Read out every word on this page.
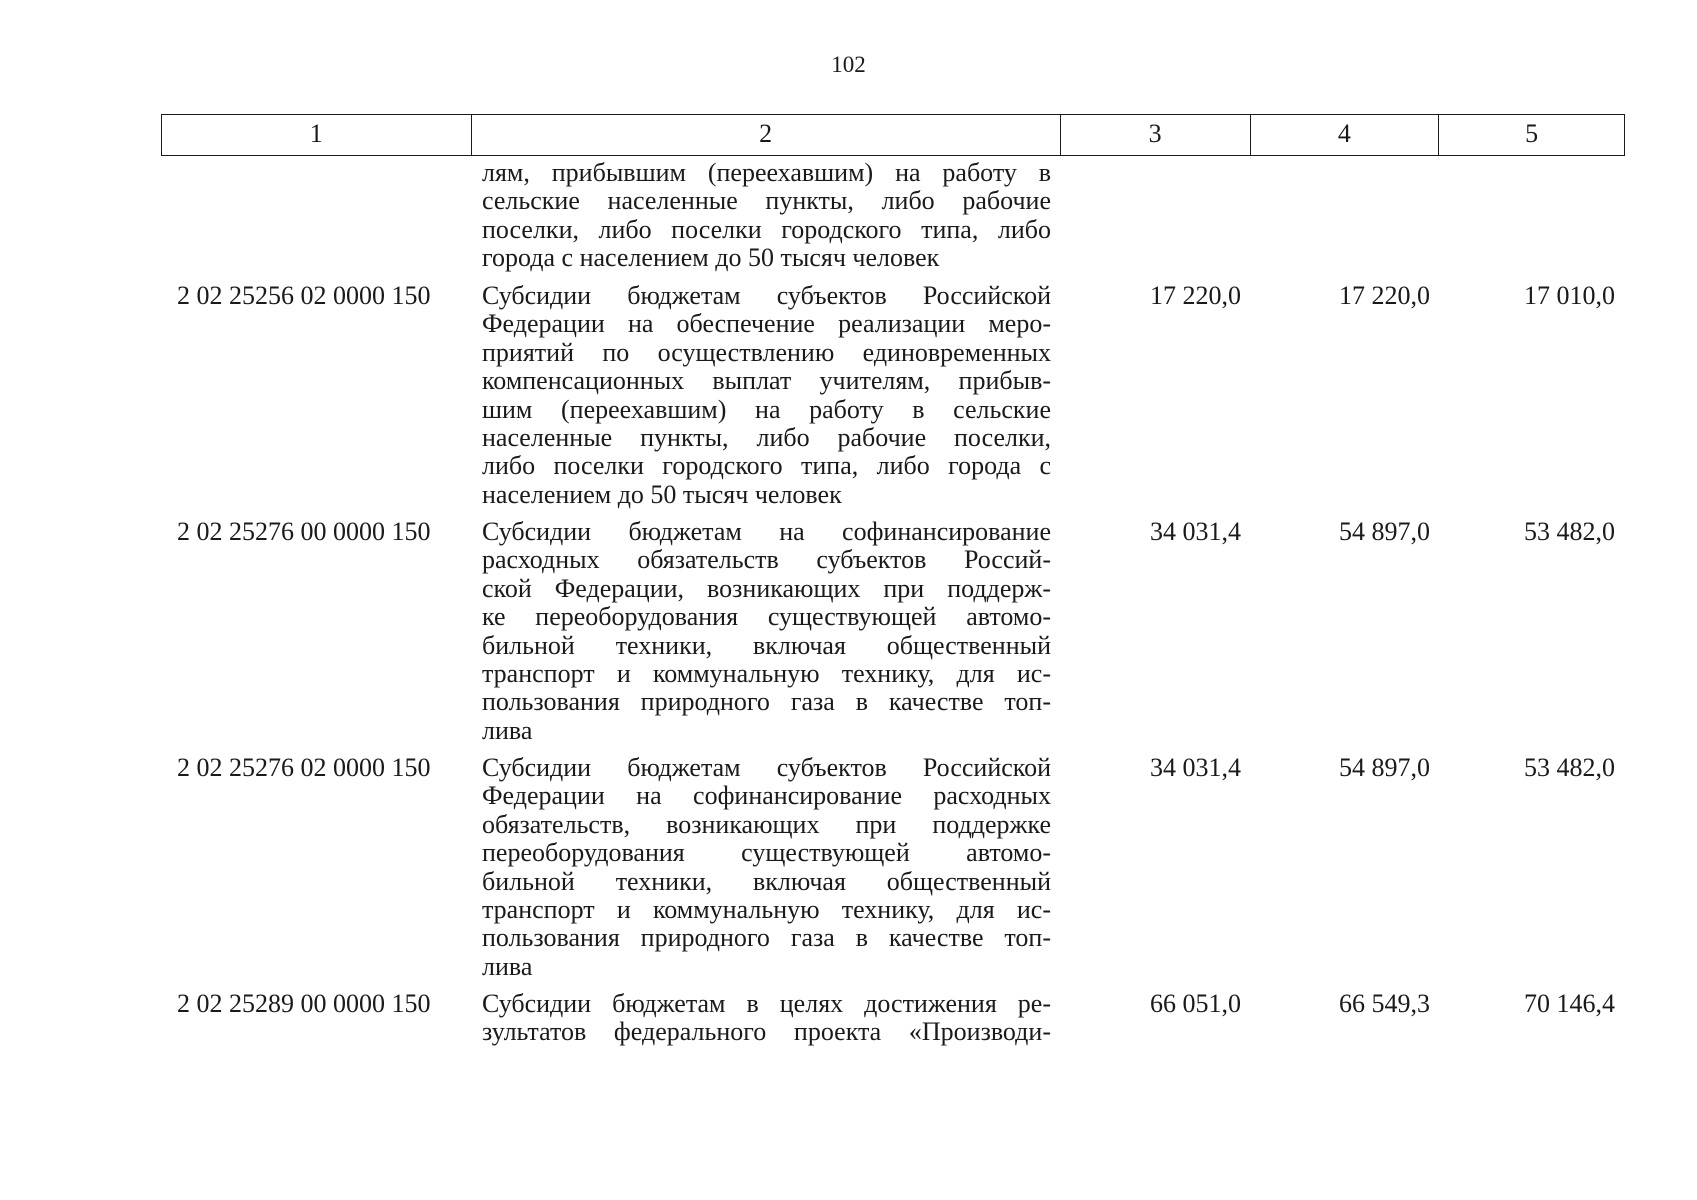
102
1	2	3	4	5
лям, прибывшим (переехавшим) на работу в
сельские населенные пункты, либо рабочие
поселки, либо поселки городского типа, либо
города с населением до 50 тысяч человек
2 02 25256 02 0000 150	Субсидии бюджетам субъектов Российской
Федерации на обеспечение реализации меро-
приятий по осуществлению единовременных
компенсационных выплат учителям, прибыв-
шим (переехавшим) на работу в сельские
населенные пункты, либо рабочие поселки,
либо поселки городского типа, либо города с
населением до 50 тысяч человек
17 220,0	17 220,0	17 010,0
2 02 25276 00 0000 150	Субсидии бюджетам на софинансирование
расходных обязательств субъектов Россий-
ской Федерации, возникающих при поддерж-
ке переоборудования существующей автомо-
бильной техники, включая общественный
транспорт и коммунальную технику, для ис-
пользования природного газа в качестве топ-
лива
34 031,4	54 897,0	53 482,0
2 02 25276 02 0000 150	Субсидии бюджетам субъектов Российской
Федерации на софинансирование расходных
обязательств, возникающих при поддержке
переоборудования существующей автомо-
бильной техники, включая общественный
транспорт и коммунальную технику, для ис-
пользования природного газа в качестве топ-
лива
34 031,4	54 897,0	53 482,0
2 02 25289 00 0000 150	Субсидии бюджетам в целях достижения ре-
зультатов федерального проекта «Производи-
66 051,0	66 549,3	70 146,4
